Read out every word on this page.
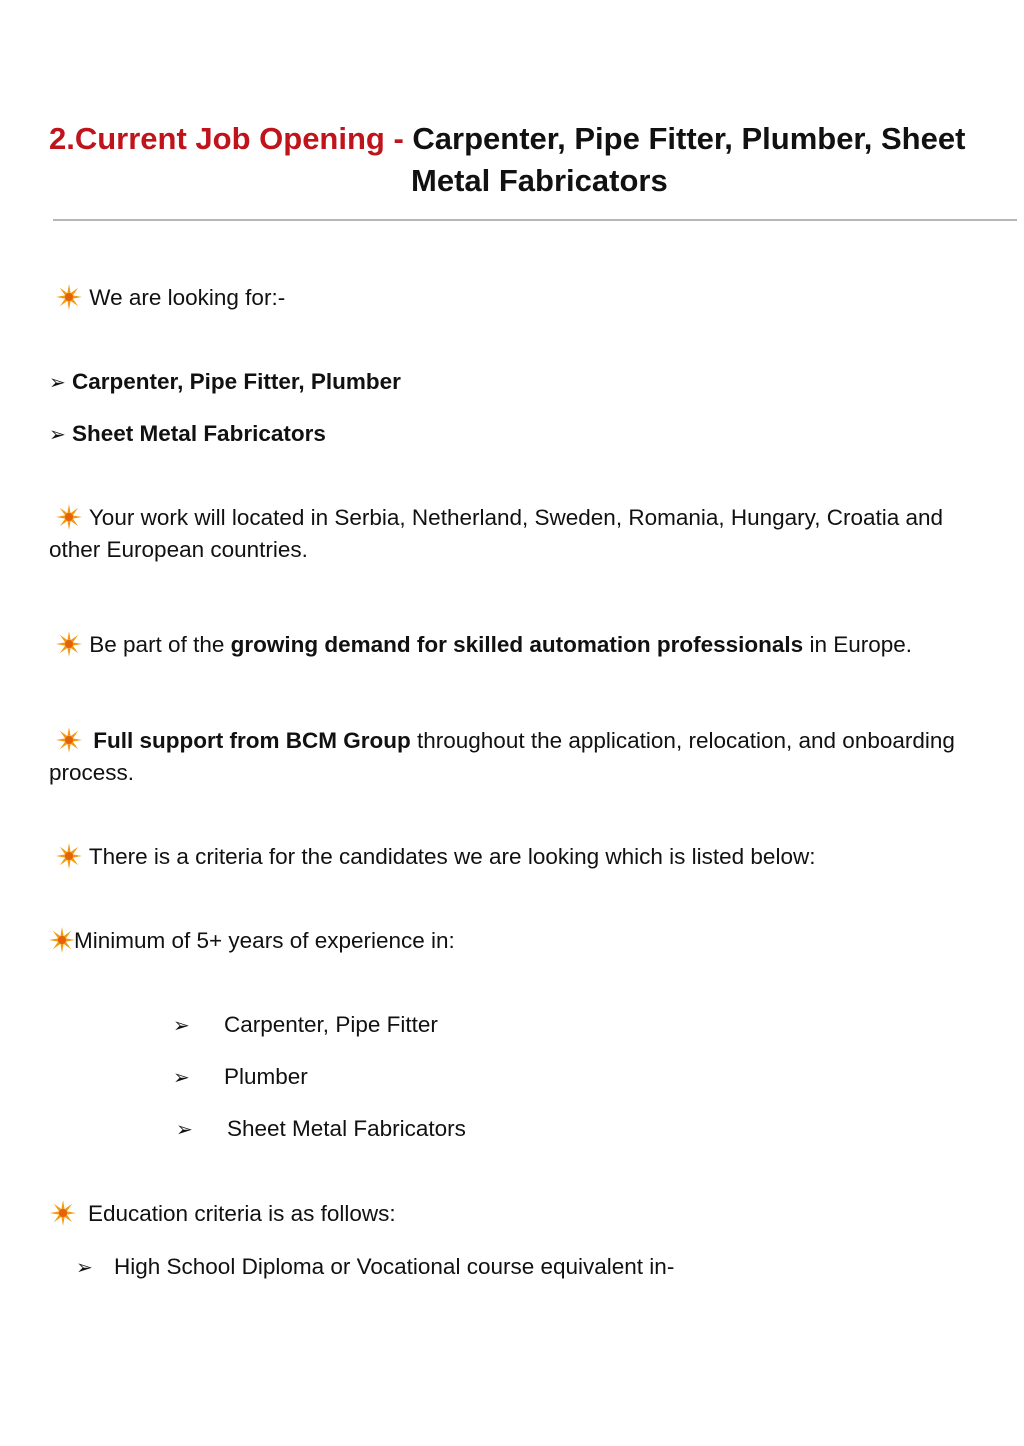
2.Current Job Opening - Carpenter, Pipe Fitter, Plumber, Sheet
Metal Fabricators
We are looking for:-
➢ Carpenter, Pipe Fitter, Plumber
➢ Sheet Metal Fabricators
Your work will located in Serbia, Netherland, Sweden, Romania, Hungary, Croatia and
other European countries.
Be part of the growing demand for skilled automation professionals in Europe.
Full support from BCM Group throughout the application, relocation, and onboarding
process.
There is a criteria for the candidates we are looking which is listed below:
Minimum of 5+ years of experience in:
➢ Carpenter, Pipe Fitter
➢ Plumber
➢ Sheet Metal Fabricators
Education criteria is as follows:
➢ High School Diploma or Vocational course equivalent in-
